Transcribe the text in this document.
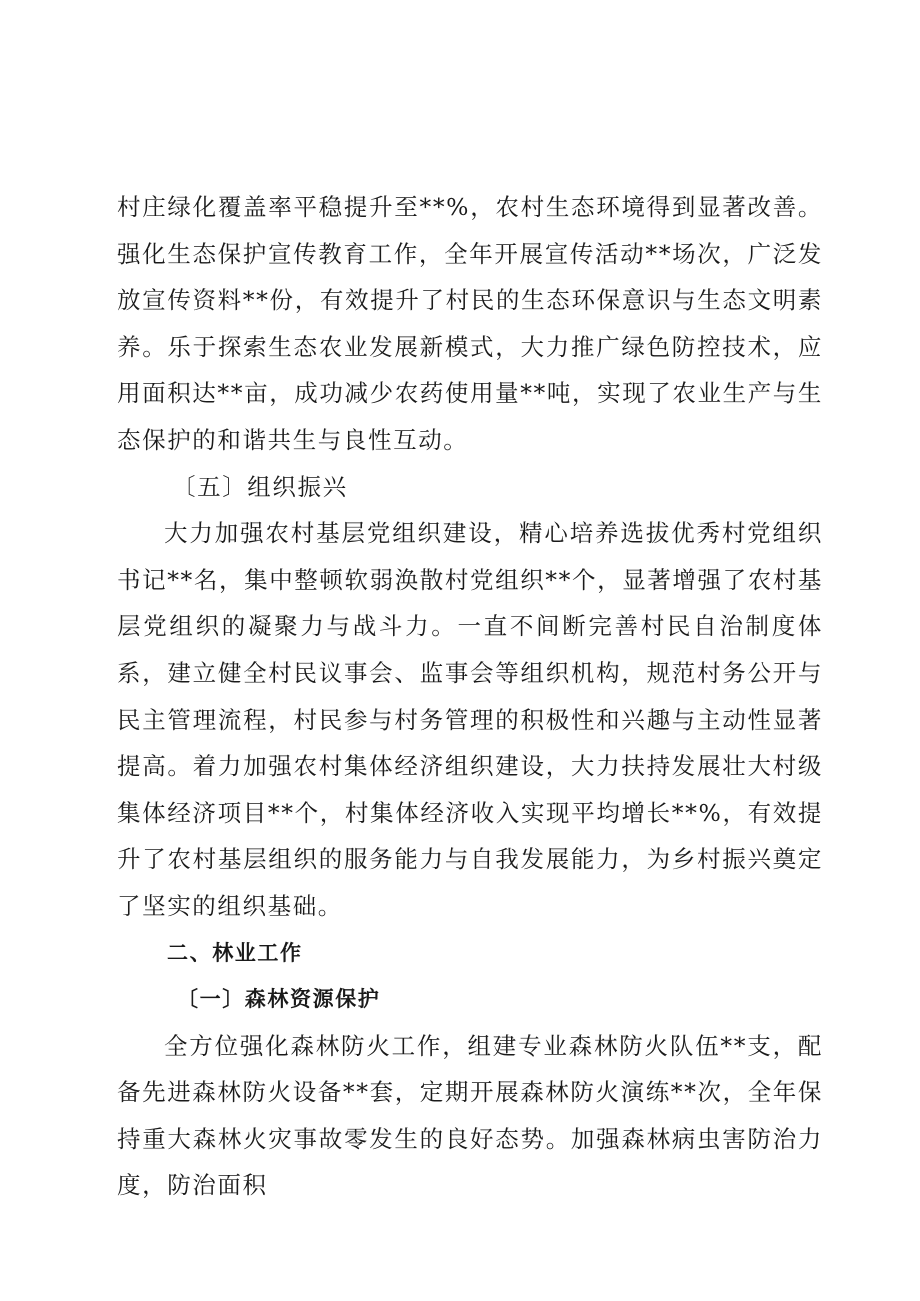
村庄绿化覆盖率平稳提升至**%，农村生态环境得到显著改善。强化生态保护宣传教育工作，全年开展宣传活动**场次，广泛发放宣传资料**份，有效提升了村民的生态环保意识与生态文明素养。乐于探索生态农业发展新模式，大力推广绿色防控技术，应用面积达**亩，成功减少农药使用量**吨，实现了农业生产与生态保护的和谐共生与良性互动。

〔五〕组织振兴

大力加强农村基层党组织建设，精心培养选拔优秀村党组织书记**名，集中整顿软弱涣散村党组织**个，显著增强了农村基层党组织的凝聚力与战斗力。一直不间断完善村民自治制度体系，建立健全村民议事会、监事会等组织机构，规范村务公开与民主管理流程，村民参与村务管理的积极性和兴趣与主动性显著提高。着力加强农村集体经济组织建设，大力扶持发展壮大村级集体经济项目**个，村集体经济收入实现平均增长**%，有效提升了农村基层组织的服务能力与自我发展能力，为乡村振兴奠定了坚实的组织基础。

二、林业工作

〔一〕森林资源保护

全方位强化森林防火工作，组建专业森林防火队伍**支，配备先进森林防火设备**套，定期开展森林防火演练**次，全年保持重大森林火灾事故零发生的良好态势。加强森林病虫害防治力度，防治面积
